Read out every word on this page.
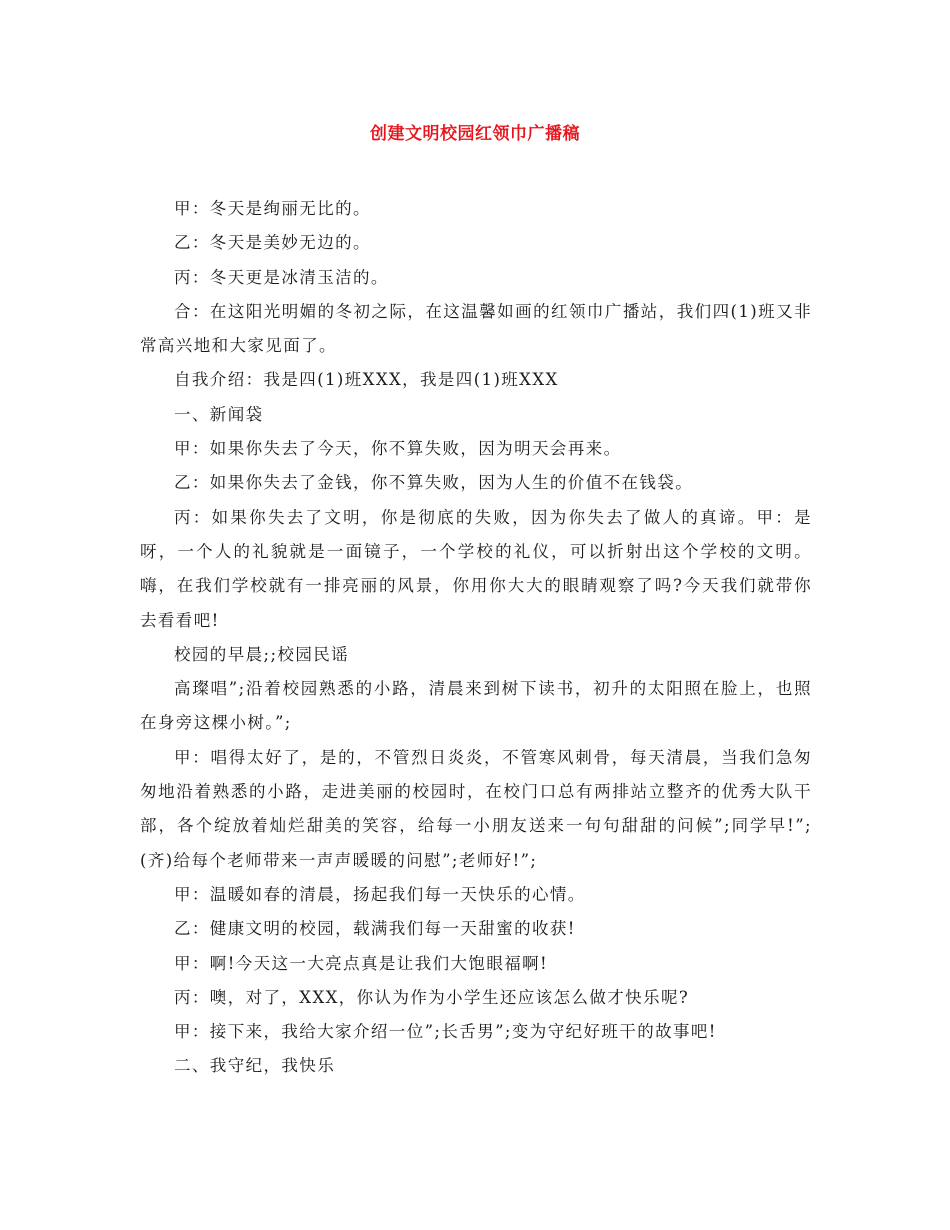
创建文明校园红领巾广播稿

甲：冬天是绚丽无比的。

乙：冬天是美妙无边的。

丙：冬天更是冰清玉洁的。

合：在这阳光明媚的冬初之际，在这温馨如画的红领巾广播站，我们四(1)班又非常高兴地和大家见面了。

自我介绍：我是四(1)班XXX，我是四(1)班XXX

一、新闻袋

甲：如果你失去了今天，你不算失败，因为明天会再来。

乙：如果你失去了金钱，你不算失败，因为人生的价值不在钱袋。

丙：如果你失去了文明，你是彻底的失败，因为你失去了做人的真谛。甲：是呀，一个人的礼貌就是一面镜子，一个学校的礼仪，可以折射出这个学校的文明。嗨，在我们学校就有一排亮丽的风景，你用你大大的眼睛观察了吗?今天我们就带你去看看吧!

校园的早晨;;校园民谣

高璨唱”;沿着校园熟悉的小路，清晨来到树下读书，初升的太阳照在脸上，也照在身旁这棵小树。”;

甲：唱得太好了，是的，不管烈日炎炎，不管寒风刺骨，每天清晨，当我们急匆匆地沿着熟悉的小路，走进美丽的校园时，在校门口总有两排站立整齐的优秀大队干部，各个绽放着灿烂甜美的笑容，给每一小朋友送来一句句甜甜的问候”;同学早!”;(齐)给每个老师带来一声声暖暖的问慰”;老师好!”;

甲：温暖如春的清晨，扬起我们每一天快乐的心情。

乙：健康文明的校园，载满我们每一天甜蜜的收获!

甲：啊!今天这一大亮点真是让我们大饱眼福啊!

丙：噢，对了，XXX，你认为作为小学生还应该怎么做才快乐呢?

甲：接下来，我给大家介绍一位”;长舌男”;变为守纪好班干的故事吧!

二、我守纪，我快乐
